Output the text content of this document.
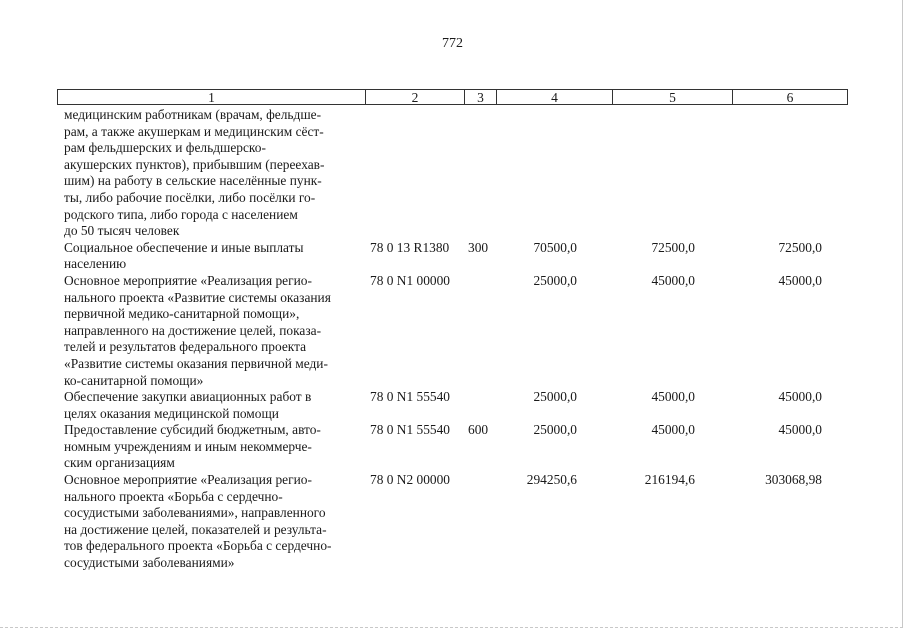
772
1	2	3	4	5	6
медицинским работникам (врачам, фельдше-
рам, а также акушеркам и медицинским сёст-
рам фельдшерских и фельдшерско-
акушерских пунктов), прибывшим (переехав-
шим) на работу в сельские населённые пунк-
ты, либо рабочие посёлки, либо посёлки го-
родского типа, либо города с населением
до 50 тысяч человек
Социальное обеспечение и иные выплаты
населению
78 0 13 R1380 300	70500,0	72500,0	72500,0
Основное мероприятие «Реализация регио-
нального проекта «Развитие системы оказания
первичной медико-санитарной помощи»,
направленного на достижение целей, показа-
телей и результатов федерального проекта
«Развитие системы оказания первичной меди-
ко-санитарной помощи»
78 0 N1 00000	25000,0	45000,0	45000,0
Обеспечение закупки авиационных работ в
целях оказания медицинской помощи
78 0 N1 55540	25000,0	45000,0	45000,0
Предоставление субсидий бюджетным, авто-
номным учреждениям и иным некоммерче-
ским организациям
78 0 N1 55540 600	25000,0	45000,0	45000,0
Основное мероприятие «Реализация регио-
нального проекта «Борьба с сердечно-
сосудистыми заболеваниями», направленного
на достижение целей, показателей и результа-
тов федерального проекта «Борьба с сердечно-
сосудистыми заболеваниями»
78 0 N2 00000	294250,6	216194,6	303068,98
